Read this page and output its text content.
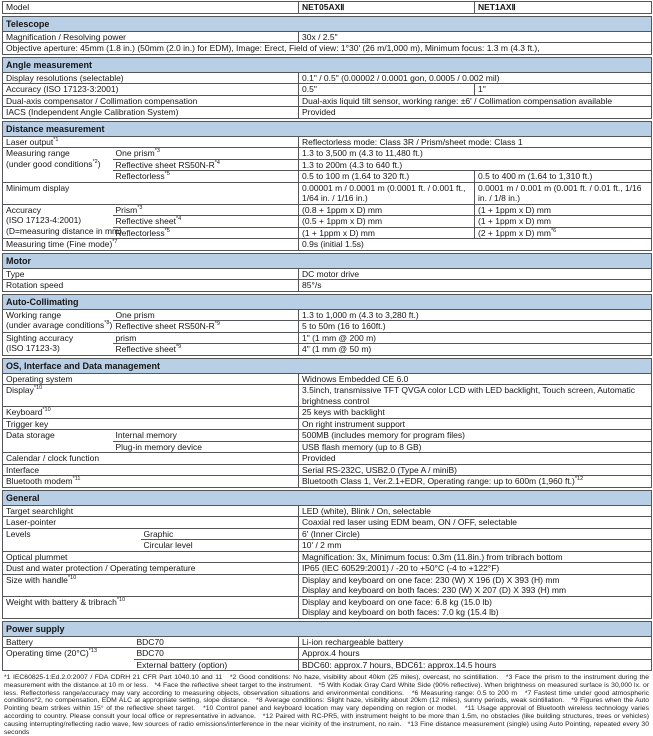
Model	NET05AXⅡ	NET1AXⅡ
Telescope
Magnification / Resolving power	30x / 2.5"
Objective aperture: 45mm (1.8 in.) (50mm (2.0 in.) for EDM), Image: Erect, Field of view: 1°30' (26 m/1,000 m), Minimum focus: 1.3 m (4.3 ft.),
Angle measurement		
Display resolutions (selectable)	0.1" / 0.5" (0.00002 / 0.0001 gon, 0.0005 / 0.002 mil)	
Accuracy (ISO 17123-3:2001)	0.5"	1"
Dual-axis compensator / Collimation compensation	Dual-axis liquid tilt sensor, working range: ±6' / Collimation compensation available	
IACS (Independent Angle Calibration System)	Provided	
Distance measurement			
Laser output$^{*1}$		Reflectorless mode: Class 3R / Prism/sheet mode: Class 1	
Measuring range
(under good conditions$^{*2}$)	One prism$^{*3}$	1.3 to 3,500 m (4.3 to 11,480 ft.)	
	Reflective sheet $RS50N-R^{*4}$	1.3 to 200m (4.3 to 640 ft.)	
	Reflectorless$^{*5}$	0.5 to 100 m (1.64 to 320 ft.)	0.5 to 400 m (1.64 to 1,310 ft.)
Minimum display		0.00001 m / 0.0001 m (0.0001 ft. / 0.001 ft., 1/64 in. / 1/16 in.)	0.0001 m / 0.001 m (0.001 ft. / 0.01 ft., 1/16 in. / 1/8 in.)
Accuracy
(ISO 17123-4:2001)
(D=measuring distance in mm)	Prism$^{*3}$	(0.8 + 1ppm x D) mm	(1 + 1ppm x D) mm
	Reflective sheet$^{*4}$	(0.5 + 1ppm x D) mm	(1 + 1ppm x D) mm
	Reflectorless$^{*5}$	(1 + 1ppm x D) mm	(2 + 1ppm x D) $mm^{*6}$
Measuring time (Fine mode)$^{*7}$		0.9s (initial 1.5s)	
Motor	
Type	DC motor drive
Rotation speed	85°/s
Auto-Collimating		
Working range
(under avarage conditions$^{*8}$)	One prism	1.3 to 1,000 m (4.3 to 3,280 ft.)
	Reflective sheet $RS50N-R^{*9}$	5 to 50m (16 to 160ft.)
Sighting accuracy
(ISO 17123-3)	prism	1" (1 mm @ 200 m)
	Reflective sheet$^{*9}$	4" (1 mm @ 50 m)
OS, Interface and Data management		
Operating system		Widnows Embedded CE 6.0
Display$^{*10}$		3.5inch, transmissive TFT QVGA color LCD with LED backlight, Touch screen, Automatic brightness control
Keyboard$^{*10}$		25 keys with backlight
Trigger key		On right instrument support
Data storage	Internal memory	500MB (includes memory for program files)
	Plug-in memory device	USB flash memory (up to 8 GB)
Calendar / clock function		Provided
Interface		Serial RS-232C, USB2.0 (Type A / miniB)
Bluetooth modem$^{*11}$		Bluetooth Class 1, Ver.2.1+EDR, Operating range: up to 600m (1,960 ft.)$^{*12}$
General		
Target searchlight		LED (white), Blink / On, selectable
Laser-pointer		Coaxial red laser using EDM beam, ON / OFF, selectable
Levels	Graphic	6' (Inner Circle)
	Circular level	10' / 2 mm
Optical plummet		Magnification: 3x, Minimum focus: 0.3m (11.8in.) from tribrach bottom
Dust and water protection / Operating temperature		IP65 (IEC 60529:2001) / -20 to +50°C (-4 to +122°F)
Size with handle$^{*10}$		Display and keyboard on one face: 230 (W) X 196 (D) X 393 (H) mm
Display and keyboard on both faces: 230 (W) X 207 (D) X 393 (H) mm
Weight with battery & tribrach$^{*10}$		Display and keyboard on one face: 6.8 kg (15.0 lb)
Display and keyboard on both faces: 7.0 kg (15.4 lb)
Power supply		
Battery	BDC70	Li-ion rechargeable battery
Operating time $(20^\circ C)^{*13}$	BDC70	Approx.4 hours
	External battery (option)	BDC60: approx.7 hours, BDC61: approx.14.5 hours

*1 IEC60825-1:Ed.2.0:2007 / FDA CDRH 21 CFR Part 1040.10 and 11   *2 Good conditions: No haze, visibility about 40km (25 miles), overcast, no scintillation.   *3 Face the prism to the instrument during the measurement with the distance at 10 m or less.   *4 Face the reflective sheet target to the instrument.   *5 With Kodak Gray Card White Side (90% reflective). When brightness on measured surface is 30,000 lx. or less. Reflectorless range/accuracy may vary according to measuring objects, observation situations and environmental conditions.   *6 Measuring range: 0.5 to 200 m   *7 Fastest time under good atmospheric conditions*2, no compensation, EDM ALC at appropriate setting, slope distance.   *8 Average conditions: Slight haze, visibility about 20km (12 miles), sunny periods, weak scintillation.   *9 Figures when the Auto Pointing beam strikes within 15° of the reflective sheet target.   *10 Control panel and keyboard location may vary depending on region or model.   *11 Usage approval of Bluetooth wireless technology varies according to country. Please consult your local office or representative in advance.   *12 Paired with RC-PR5, with instrument height to be more than 1.5m, no obstacles (like building structures, trees or vehicles) causing interrupting/reflecting radio wave, few sources of radio emissions/interference in the near vicinity of the instrument, no rain.   *13 Fine distance measurement (single) using Auto Pointing, repeated every 30 seconds
